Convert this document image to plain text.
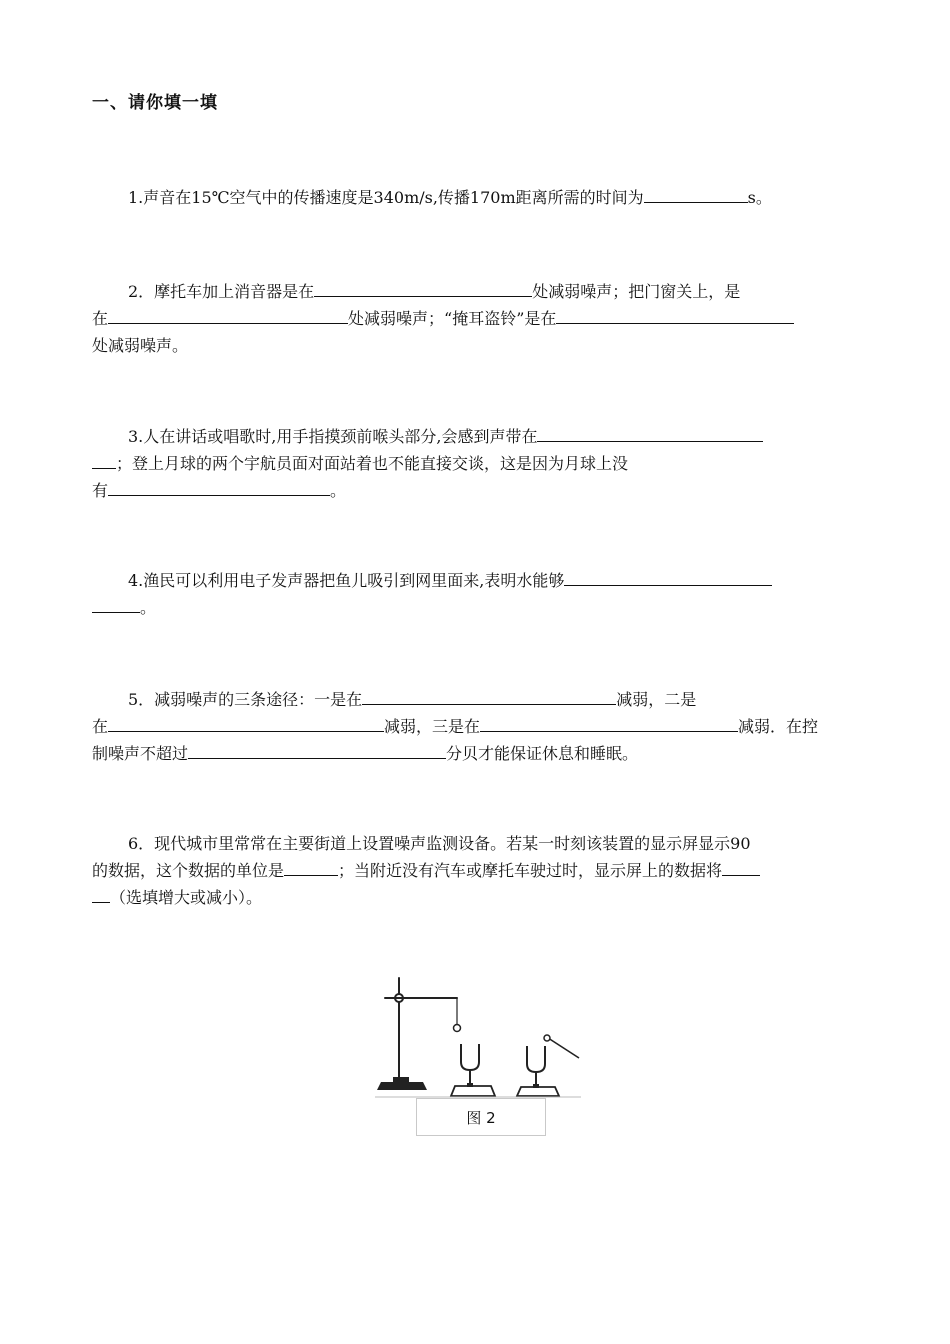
一、请你填一填
1.声音在15℃空气中的传播速度是340m/s,传播170m距离所需的时间为	s。
2．摩托车加上消音器是在	处减弱噪声；把门窗关上，是
在	处减弱噪声；“掩耳盗铃”是在
处减弱噪声。
3.人在讲话或唱歌时,用手指摸颈前喉头部分,会感到声带在
；登上月球的两个宇航员面对面站着也不能直接交谈，这是因为月球上没
有	。
4.渔民可以利用电子发声器把鱼儿吸引到网里面来,表明水能够
。
5．减弱噪声的三条途径：一是在	减弱，二是
在	减弱，三是在	减弱．在控
制噪声不超过	分贝才能保证休息和睡眠。
6．现代城市里常常在主要街道上设置噪声监测设备。若某一时刻该装置的显示屏显示90
的数据，这个数据的单位是	；当附近没有汽车或摩托车驶过时，显示屏上的数据将
（选填增大或减小）。
图 2
